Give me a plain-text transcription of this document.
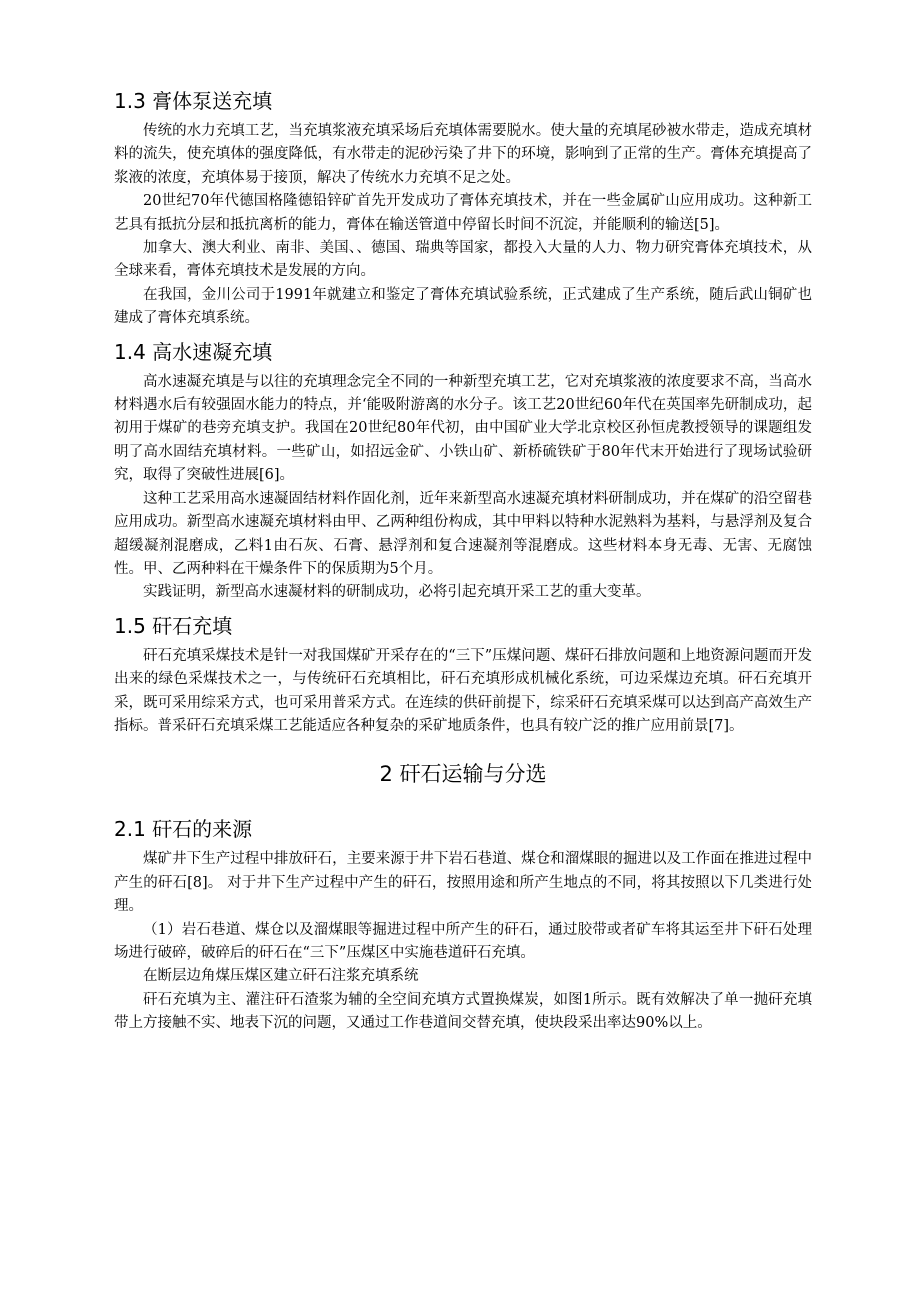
1.3 膏体泵送充填

传统的水力充填工艺，当充填浆液充填采场后充填体需要脱水。使大量的充填尾砂被水带走，造成充填材料的流失，使充填体的强度降低，有水带走的泥砂污染了井下的环境，影响到了正常的生产。膏体充填提高了浆液的浓度，充填体易于接顶，解决了传统水力充填不足之处。

20世纪70年代德国格隆德铅锌矿首先开发成功了膏体充填技术，并在一些金属矿山应用成功。这种新工艺具有抵抗分层和抵抗离析的能力，膏体在输送管道中停留长时间不沉淀，并能顺利的输送[5]。

加拿大、澳大利业、南非、美国、、德国、瑞典等国家，都投入大量的人力、物力研究膏体充填技术，从全球来看，膏体充填技术是发展的方向。

在我国，金川公司于1991年就建立和鉴定了膏体充填试验系统，正式建成了生产系统，随后武山铜矿也建成了膏体充填系统。

1.4 高水速凝充填

高水速凝充填是与以往的充填理念完全不同的一种新型充填工艺，它对充填浆液的浓度要求不高，当高水材料遇水后有较强固水能力的特点，并‘能吸附游离的水分子。该工艺20世纪60年代在英国率先研制成功，起初用于煤矿的巷旁充填支护。我国在20世纪80年代初，由中国矿业大学北京校区孙恒虎教授领导的课题组发明了高水固结充填材料。一些矿山，如招远金矿、小铁山矿、新桥硫铁矿于80年代末开始进行了现场试验研究，取得了突破性进展[6]。

这种工艺采用高水速凝固结材料作固化剂，近年来新型高水速凝充填材料研制成功，并在煤矿的沿空留巷应用成功。新型高水速凝充填材料由甲、乙两种组份构成，其中甲料以特种水泥熟料为基料，与悬浮剂及复合超缓凝剂混磨成，乙料1由石灰、石膏、悬浮剂和复合速凝剂等混磨成。这些材料本身无毒、无害、无腐蚀性。甲、乙两种料在干燥条件下的保质期为5个月。

实践证明，新型高水速凝材料的研制成功，必将引起充填开采工艺的重大变革。

1.5 矸石充填

矸石充填采煤技术是针一对我国煤矿开采存在的“三下”压煤问题、煤矸石排放问题和上地资源问题而开发出来的绿色采煤技术之一，与传统矸石充填相比，矸石充填形成机械化系统，可边采煤边充填。矸石充填开采，既可采用综采方式，也可采用普采方式。在连续的供矸前提下，综采矸石充填采煤可以达到高产高效生产指标。普采矸石充填采煤工艺能适应各种复杂的采矿地质条件，也具有较广泛的推广应用前景[7]。

2 矸石运输与分选
2.1 矸石的来源

煤矿井下生产过程中排放矸石，主要来源于井下岩石巷道、煤仓和溜煤眼的掘进以及工作面在推进过程中产生的矸石[8]。 对于井下生产过程中产生的矸石，按照用途和所产生地点的不同，将其按照以下几类进行处理。

（1）岩石巷道、煤仓以及溜煤眼等掘进过程中所产生的矸石，通过胶带或者矿车将其运至井下矸石处理场进行破碎，破碎后的矸石在“三下”压煤区中实施巷道矸石充填。

在断层边角煤压煤区建立矸石注浆充填系统

矸石充填为主、灌注矸石渣浆为辅的全空间充填方式置换煤炭，如图1所示。既有效解决了单一抛矸充填带上方接触不实、地表下沉的问题，又通过工作巷道间交替充填，使块段采出率达90%以上。
